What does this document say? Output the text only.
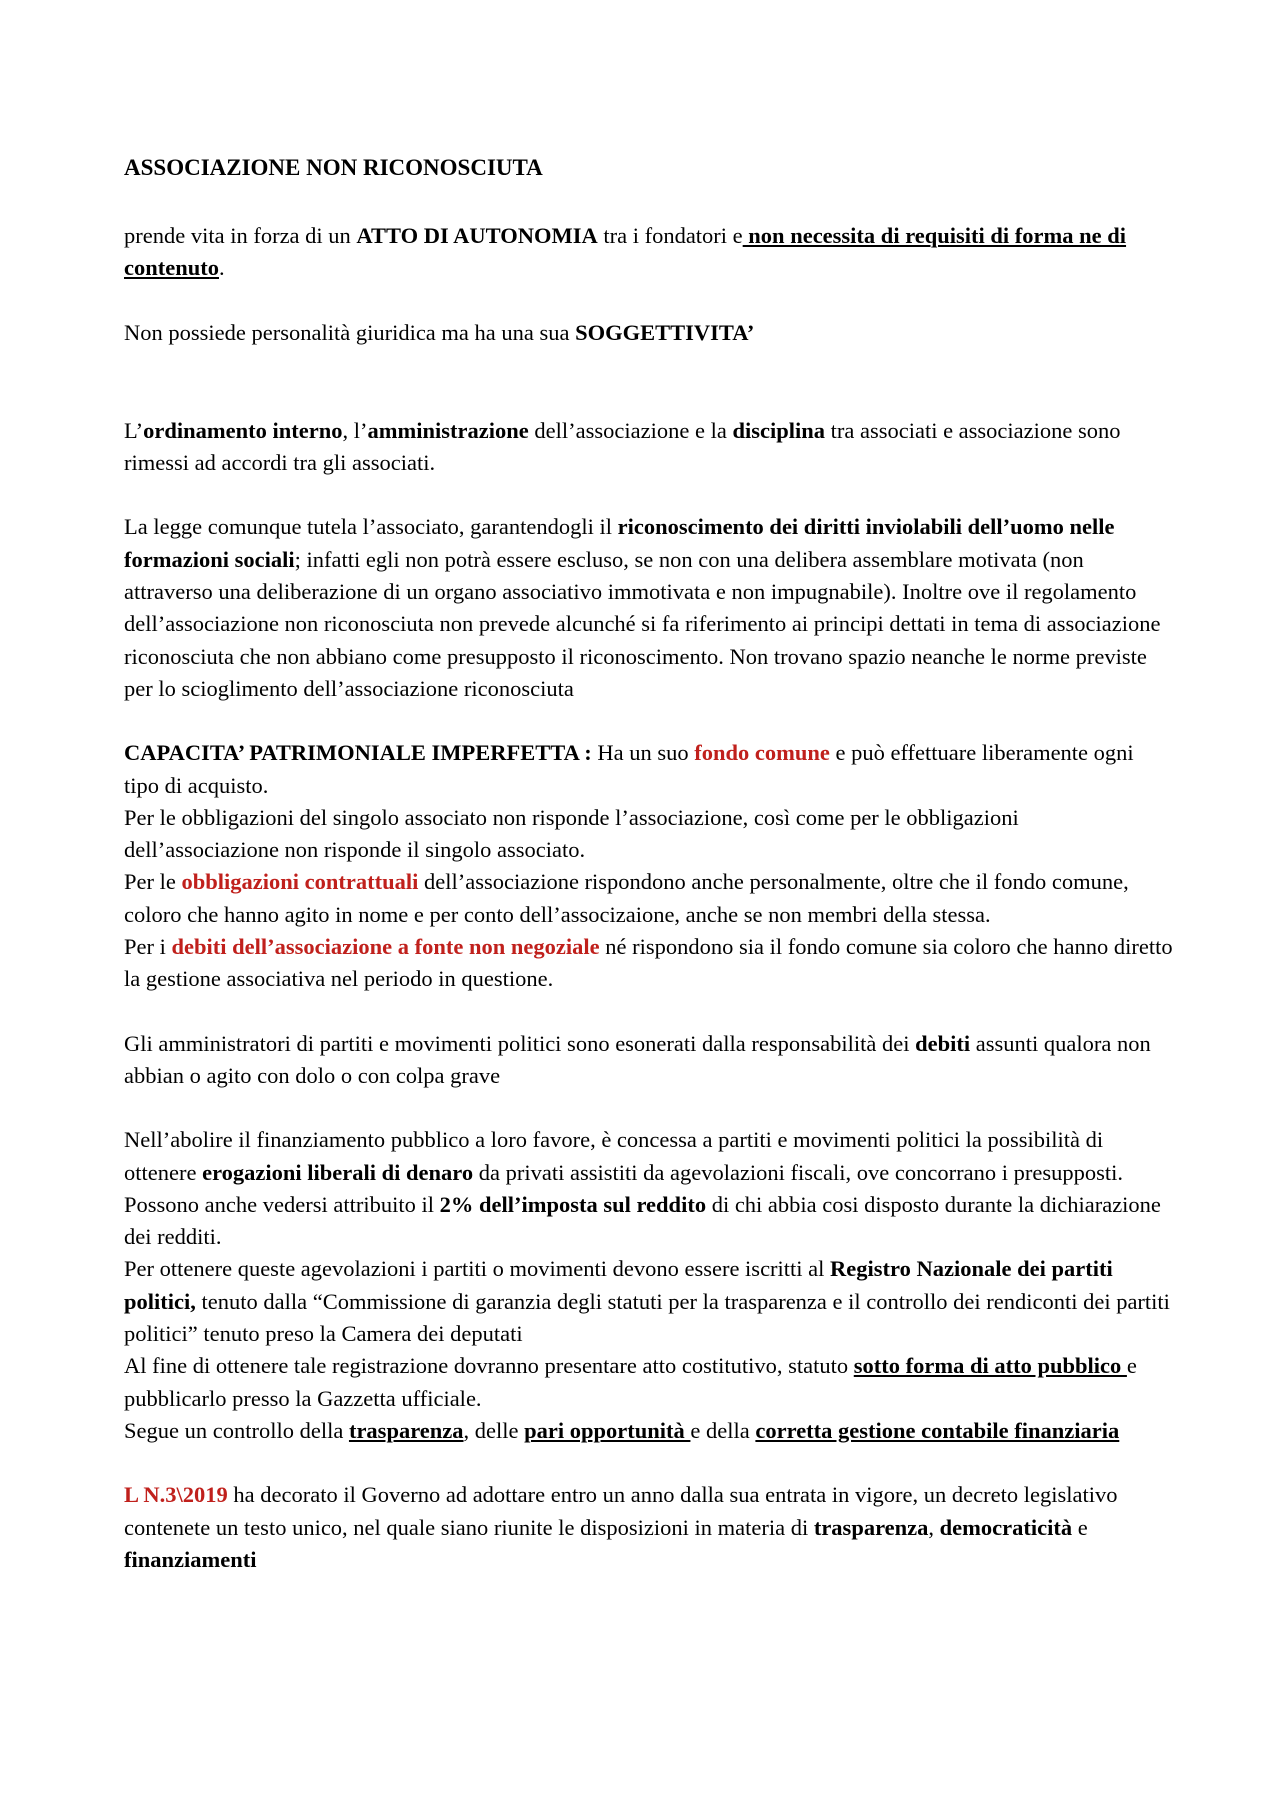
ASSOCIAZIONE NON RICONOSCIUTA

prende vita in forza di un ATTO DI AUTONOMIA tra i fondatori e non necessita di requisiti di forma ne di contenuto.

Non possiede personalità giuridica ma ha una sua SOGGETTIVITA’

L’ordinamento interno, l’amministrazione dell’associazione e la disciplina tra associati e associazione sono rimessi ad accordi tra gli associati.

La legge comunque tutela l’associato, garantendogli il riconoscimento dei diritti inviolabili dell’uomo nelle formazioni sociali; infatti egli non potrà essere escluso, se non con una delibera assemblare motivata (non attraverso una deliberazione di un organo associativo immotivata e non impugnabile). Inoltre ove il regolamento dell’associazione non riconosciuta non prevede alcunché si fa riferimento ai principi dettati in tema di associazione riconosciuta che non abbiano come presupposto il riconoscimento. Non trovano spazio neanche le norme previste per lo scioglimento dell’associazione riconosciuta

CAPACITA’ PATRIMONIALE IMPERFETTA : Ha un suo fondo comune e può effettuare liberamente ogni tipo di acquisto.

Per le obbligazioni del singolo associato non risponde l’associazione, così come per le obbligazioni dell’associazione non risponde il singolo associato.

Per le obbligazioni contrattuali dell’associazione rispondono anche personalmente, oltre che il fondo comune, coloro che hanno agito in nome e per conto dell’associzaione, anche se non membri della stessa.

Per i debiti dell’associazione a fonte non negoziale né rispondono sia il fondo comune sia coloro che hanno diretto la gestione associativa nel periodo in questione.

Gli amministratori di partiti e movimenti politici sono esonerati dalla responsabilità dei debiti assunti qualora non abbian o agito con dolo o con colpa grave

Nell’abolire il finanziamento pubblico a loro favore, è concessa a partiti e movimenti politici la possibilità di ottenere erogazioni liberali di denaro da privati assistiti da agevolazioni fiscali, ove concorrano i presupposti. Possono anche vedersi attribuito il 2% dell’imposta sul reddito di chi abbia cosi disposto durante la dichiarazione dei redditi.

Per ottenere queste agevolazioni i partiti o movimenti devono essere iscritti al Registro Nazionale dei partiti politici, tenuto dalla “Commissione di garanzia degli statuti per la trasparenza e il controllo dei rendiconti dei partiti politici” tenuto preso la Camera dei deputati

Al fine di ottenere tale registrazione dovranno presentare atto costitutivo, statuto sotto forma di atto pubblico e pubblicarlo presso la Gazzetta ufficiale.

Segue un controllo della trasparenza, delle pari opportunità e della corretta gestione contabile finanziaria

L N.3\2019 ha decorato il Governo ad adottare entro un anno dalla sua entrata in vigore, un decreto legislativo contenete un testo unico, nel quale siano riunite le disposizioni in materia di trasparenza, democraticità e finanziamenti
